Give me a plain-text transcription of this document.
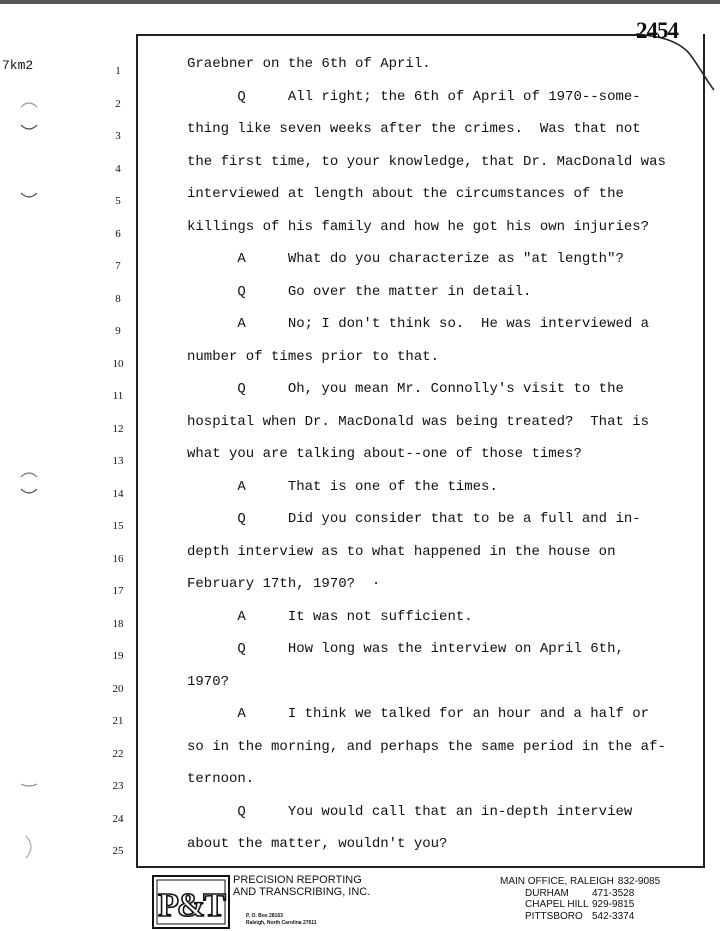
2454
7km2	1	Graebner on the 6th of April.
2	Q     All right; the 6th of April of 1970--some-
3	thing like seven weeks after the crimes.  Was that not
4	the first time, to your knowledge, that Dr. MacDonald was
5	interviewed at length about the circumstances of the
6	killings of his family and how he got his own injuries?
7	A     What do you characterize as "at length"?
8	Q     Go over the matter in detail.
9	A     No; I don't think so.  He was interviewed a
10	number of times prior to that.
11	Q     Oh, you mean Mr. Connolly's visit to the
12	hospital when Dr. MacDonald was being treated?  That is
13	what you are talking about--one of those times?
14	A     That is one of the times.
15	Q     Did you consider that to be a full and in-
16	depth interview as to what happened in the house on
17	February 17th, 1970?  ·
18	A     It was not sufficient.
19	Q     How long was the interview on April 6th,
20	1970?
21	A     I think we talked for an hour and a half or
22	so in the morning, and perhaps the same period in the af-
23	ternoon.
24	Q     You would call that an in-depth interview
25	about the matter, wouldn't you?
P&T
PRECISION REPORTING
AND TRANSCRIBING, INC.
P. O. Box 28163
Raleigh, North Carolina 27611
MAIN OFFICE, RALEIGH 832-9085
DURHAM	471-3528
CHAPEL HILL 929-9815
PITTSBORO 542-3374
